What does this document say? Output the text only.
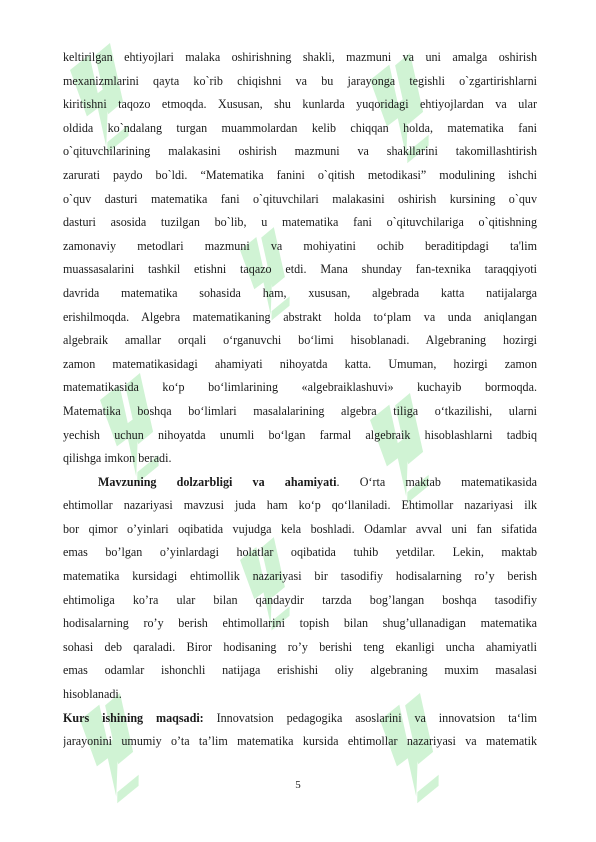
keltirilgan ehtiyojlari malaka oshirishning shakli, mazmuni va uni amalga oshirish
mexanizmlarini qayta ko`rib chiqishni va bu jarayonga tegishli o`zgartirishlarni
kiritishni taqozo etmoqda. Xususan, shu kunlarda yuqoridagi ehtiyojlardan va ular
oldida ko`ndalang turgan muammolardan kelib chiqqan holda, matematika fani
o`qituvchilarining malakasini oshirish mazmuni va shakllarini takomillashtirish
zarurati paydo bo`ldi. “Matematika fanini o`qitish metodikasi” modulining ishchi
o`quv dasturi matematika fani o`qituvchilari malakasini oshirish kursining o`quv
dasturi asosida tuzilgan bo`lib, u matematika fani o`qituvchilariga o`qitishning
zamonaviy metodlari mazmuni va mohiyatini ochib beraditipdagi ta'lim
muassasalarini tashkil etishni taqazo etdi. Mana shunday fan-texnika taraqqiyoti
davrida matematika sohasida ham, xususan, algebrada katta natijalarga
erishilmoqda. Algebra matematikaning abstrakt holda to‘plam va unda aniqlangan
algebraik amallar orqali o‘rganuvchi bo‘limi hisoblanadi. Algebraning hozirgi
zamon matematikasidagi ahamiyati nihoyatda katta. Umuman, hozirgi zamon
matematikasida ko‘p bo‘limlarining «algebraiklashuvi» kuchayib bormoqda.
Matematika boshqa bo‘limlari masalalarining algebra tiliga o‘tkazilishi, ularni
yechish uchun nihoyatda unumli bo‘lgan farmal algebraik hisoblashlarni tadbiq
qilishga imkon beradi.
Mavzuning dolzarbligi va ahamiyati. O‘rta maktab matematikasida
ehtimollar nazariyasi mavzusi juda ham ko‘p qo‘llaniladi. Ehtimollar nazariyasi ilk
bor qimor o’yinlari oqibatida vujudga kela boshladi. Odamlar avval uni fan sifatida
emas bo’lgan o’yinlardagi holatlar oqibatida tuhib yetdilar. Lekin, maktab
matematika kursidagi ehtimollik nazariyasi bir tasodifiy hodisalarning ro’y berish
ehtimoliga ko’ra ular bilan qandaydir tarzda bog’langan boshqa tasodifiy
hodisalarning ro’y berish ehtimollarini topish bilan shug’ullanadigan matematika
sohasi deb qaraladi. Biror hodisaning ro’y berishi teng ekanligi uncha ahamiyatli
emas odamlar ishonchli natijaga erishishi oliy algebraning muxim masalasi
hisoblanadi.
Kurs ishining maqsadi: Innovatsion pedagogika asoslarini va innovatsion ta‘lim
jarayonini umumiy o’ta ta’lim matematika kursida ehtimollar nazariyasi va matematik
5
